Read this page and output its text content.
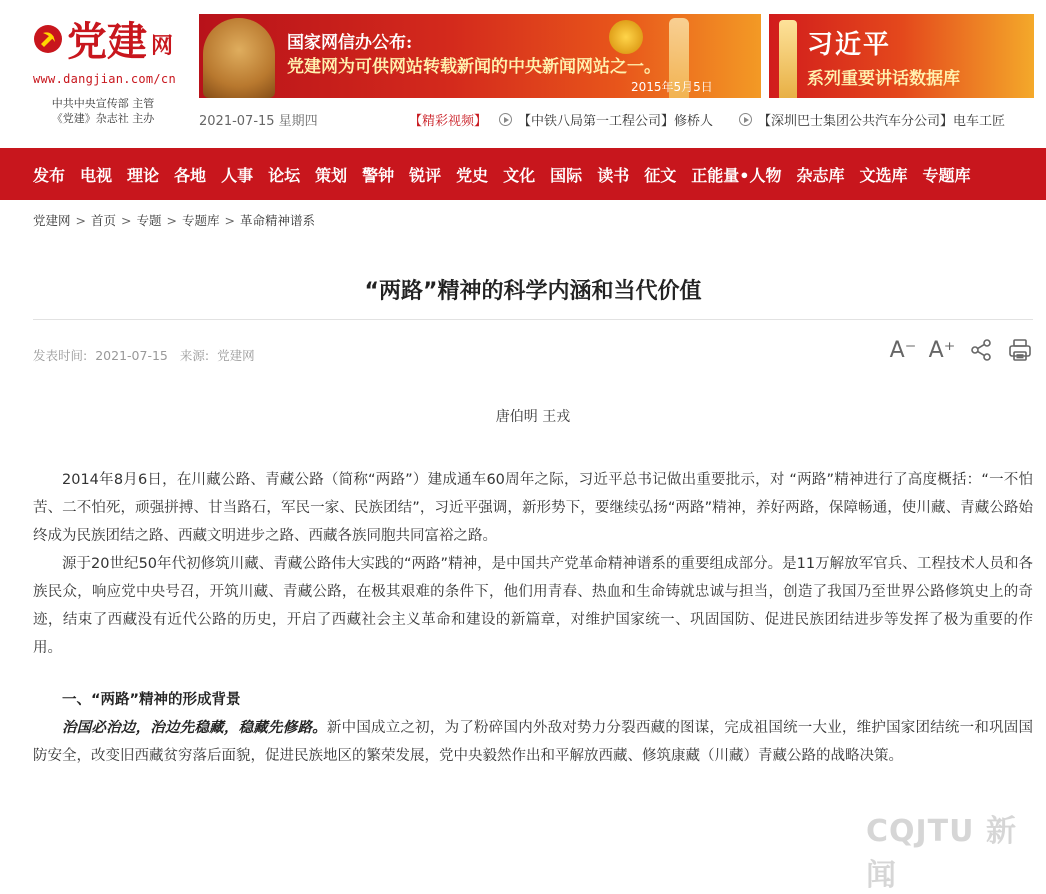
党建 网
www.dangjian.com/cn
中共中央宣传部 主管
《党建》杂志社 主办
国家网信办公布:
党建网为可供网站转载新闻的中央新闻网站之一。
2015年5月5日
习近平
系列重要讲话数据库
2021-07-15 星期四	【精彩视频】 【中铁八局第一工程公司】修桥人	【深圳巴士集团公共汽车分公司】电车工匠
发布 电视 理论 各地 人事 论坛 策划 警钟 锐评 党史 文化 国际 读书 征文 正能量•人物 杂志库 文选库 专题库
党建网 > 首页 > 专题 > 专题库 > 革命精神谱系
“两路”精神的科学内涵和当代价值
发表时间: 2021-07-15 来源: 党建网	A⁻ A⁺
唐伯明 王戎

2014年8月6日，在川藏公路、青藏公路（简称“两路”）建成通车60周年之际，习近平总书记做出重要批示，对 “两路”精神进行了高度概括：“一不怕苦、二不怕死，顽强拼搏、甘当路石，军民一家、民族团结”，习近平强调，新形势下，要继续弘扬“两路”精神，养好两路，保障畅通，使川藏、青藏公路始终成为民族团结之路、西藏文明进步之路、西藏各族同胞共同富裕之路。

源于20世纪50年代初修筑川藏、青藏公路伟大实践的“两路”精神，是中国共产党革命精神谱系的重要组成部分。是11万解放军官兵、工程技术人员和各族民众，响应党中央号召，开筑川藏、青藏公路，在极其艰难的条件下，他们用青春、热血和生命铸就忠诚与担当，创造了我国乃至世界公路修筑史上的奇迹，结束了西藏没有近代公路的历史，开启了西藏社会主义革命和建设的新篇章，对维护国家统一、巩固国防、促进民族团结进步等发挥了极为重要的作用。

一、“两路”精神的形成背景

治国必治边，治边先稳藏，稳藏先修路。新中国成立之初，为了粉碎国内外敌对势力分裂西藏的图谋，完成祖国统一大业，维护国家团结统一和巩固国防安全，改变旧西藏贫穷落后面貌，促进民族地区的繁荣发展，党中央毅然作出和平解放西藏、修筑康藏（川藏）青藏公路的战略决策。

CQJTU 新闻
